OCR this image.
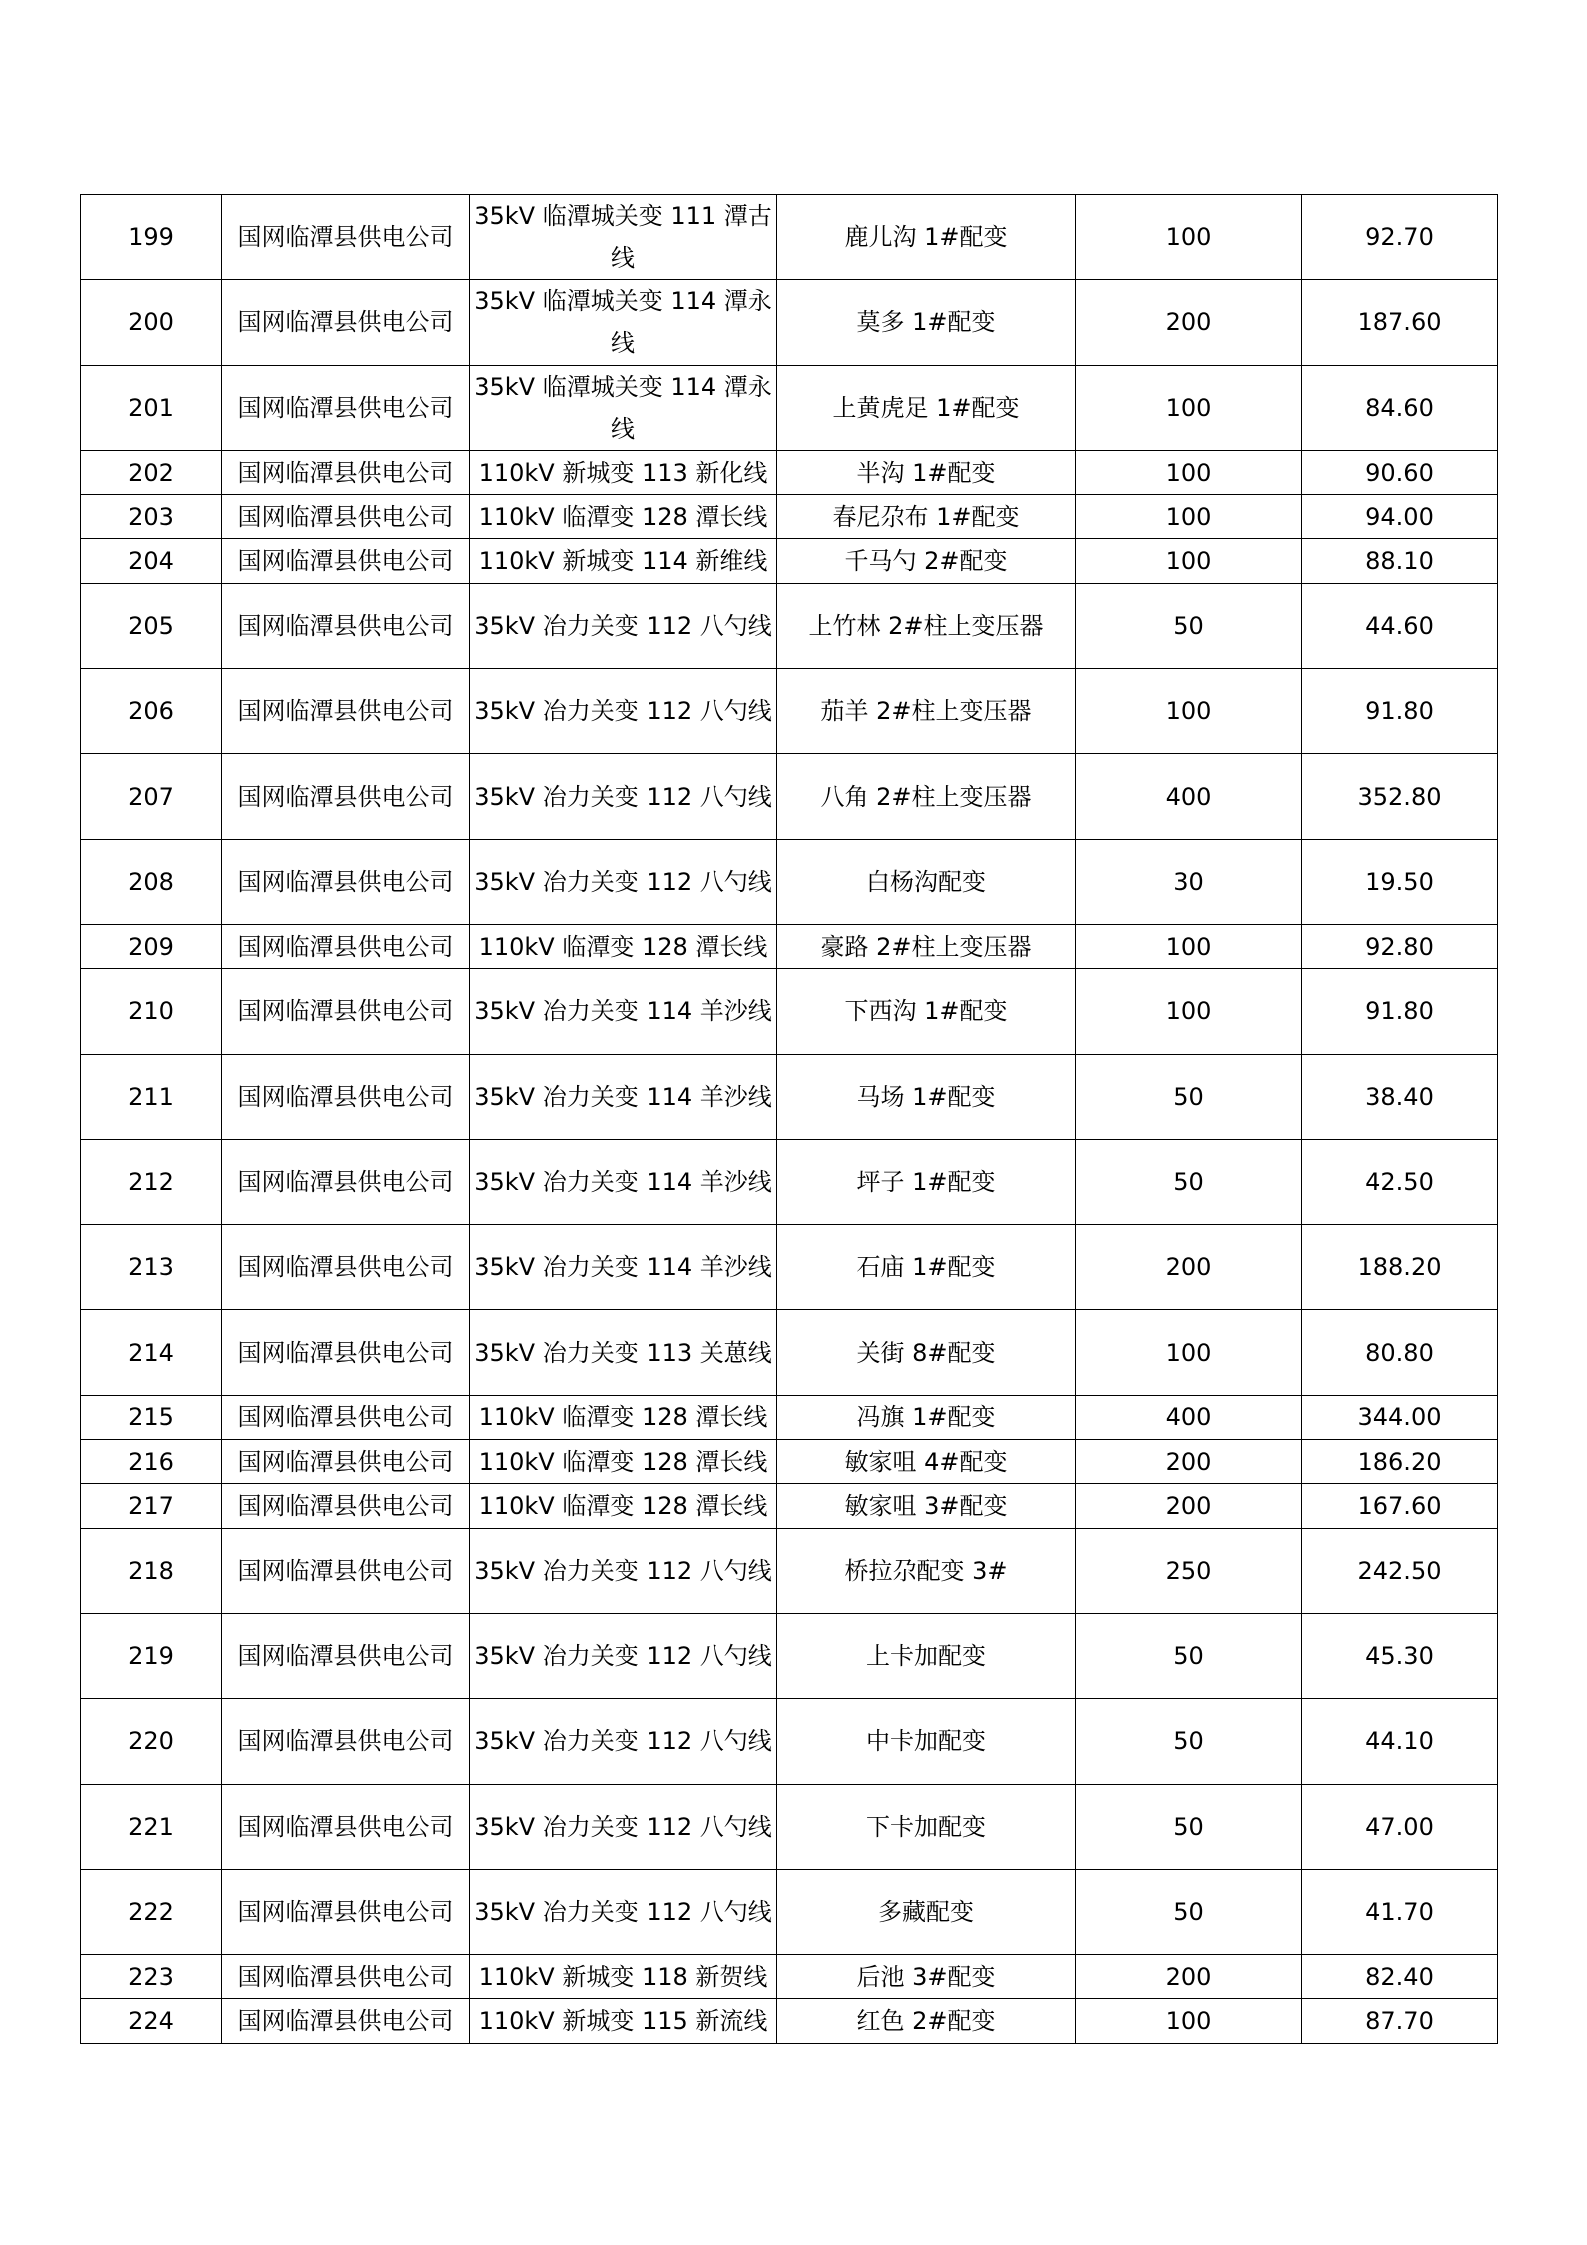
199	国网临潭县供电公司	35kV 临潭城关变 111 潭古线	鹿儿沟 1#配变	100	92.70
200	国网临潭县供电公司	35kV 临潭城关变 114 潭永线	莫多 1#配变	200	187.60
201	国网临潭县供电公司	35kV 临潭城关变 114 潭永线	上黄虎足 1#配变	100	84.60
202	国网临潭县供电公司	110kV 新城变 113 新化线	半沟 1#配变	100	90.60
203	国网临潭县供电公司	110kV 临潭变 128 潭长线	春尼尕布 1#配变	100	94.00
204	国网临潭县供电公司	110kV 新城变 114 新维线	千马勺 2#配变	100	88.10
205	国网临潭县供电公司	35kV 冶力关变 112 八勺线	上竹林 2#柱上变压器	50	44.60
206	国网临潭县供电公司	35kV 冶力关变 112 八勺线	茄羊 2#柱上变压器	100	91.80
207	国网临潭县供电公司	35kV 冶力关变 112 八勺线	八角 2#柱上变压器	400	352.80
208	国网临潭县供电公司	35kV 冶力关变 112 八勺线	白杨沟配变	30	19.50
209	国网临潭县供电公司	110kV 临潭变 128 潭长线	豪路 2#柱上变压器	100	92.80
210	国网临潭县供电公司	35kV 冶力关变 114 羊沙线	下西沟 1#配变	100	91.80
211	国网临潭县供电公司	35kV 冶力关变 114 羊沙线	马场 1#配变	50	38.40
212	国网临潭县供电公司	35kV 冶力关变 114 羊沙线	坪子 1#配变	50	42.50
213	国网临潭县供电公司	35kV 冶力关变 114 羊沙线	石庙 1#配变	200	188.20
214	国网临潭县供电公司	35kV 冶力关变 113 关葸线	关街 8#配变	100	80.80
215	国网临潭县供电公司	110kV 临潭变 128 潭长线	冯旗 1#配变	400	344.00
216	国网临潭县供电公司	110kV 临潭变 128 潭长线	敏家咀 4#配变	200	186.20
217	国网临潭县供电公司	110kV 临潭变 128 潭长线	敏家咀 3#配变	200	167.60
218	国网临潭县供电公司	35kV 冶力关变 112 八勺线	桥拉尕配变 3#	250	242.50
219	国网临潭县供电公司	35kV 冶力关变 112 八勺线	上卡加配变	50	45.30
220	国网临潭县供电公司	35kV 冶力关变 112 八勺线	中卡加配变	50	44.10
221	国网临潭县供电公司	35kV 冶力关变 112 八勺线	下卡加配变	50	47.00
222	国网临潭县供电公司	35kV 冶力关变 112 八勺线	多藏配变	50	41.70
223	国网临潭县供电公司	110kV 新城变 118 新贺线	后池 3#配变	200	82.40
224	国网临潭县供电公司	110kV 新城变 115 新流线	红色 2#配变	100	87.70
